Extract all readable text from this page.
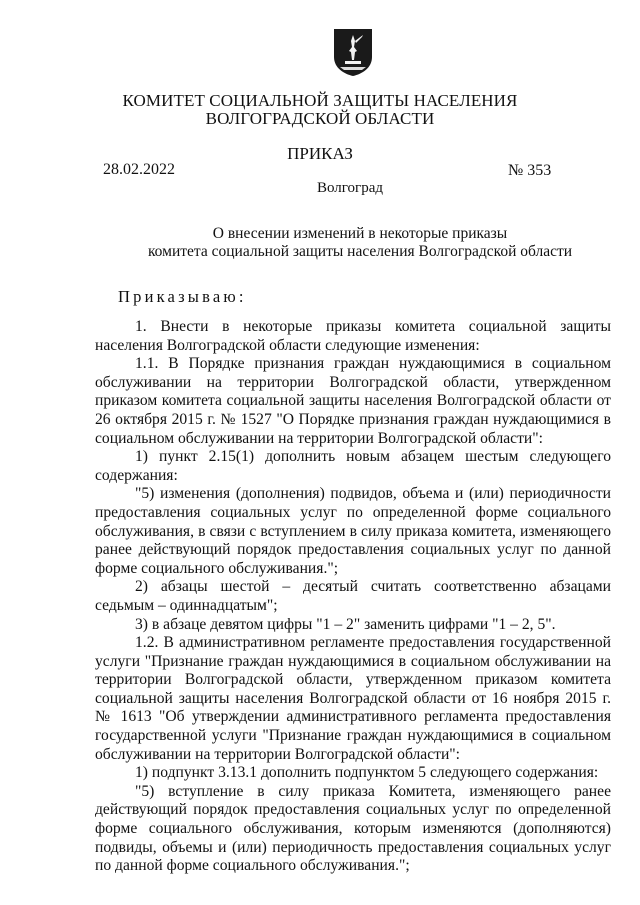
КОМИТЕТ СОЦИАЛЬНОЙ ЗАЩИТЫ НАСЕЛЕНИЯ
ВОЛГОГРАДСКОЙ ОБЛАСТИ
ПРИКАЗ
28.02.2022	№ 353
Волгоград
О внесении изменений в некоторые приказы
комитета социальной защиты населения Волгоградской области
Приказываю:

1. Внести в некоторые приказы комитета социальной защиты населения Волгоградской области следующие изменения:

1.1. В Порядке признания граждан нуждающимися в социальном обслуживании на территории Волгоградской области, утвержденном приказом комитета социальной защиты населения Волгоградской области от 26 октября 2015 г. № 1527 "О Порядке признания граждан нуждающимися в социальном обслуживании на территории Волгоградской области":

1) пункт 2.15(1) дополнить новым абзацем шестым следующего содержания:

"5) изменения (дополнения) подвидов, объема и (или) периодичности предоставления социальных услуг по определенной форме социального обслуживания, в связи с вступлением в силу приказа комитета, изменяющего ранее действующий порядок предоставления социальных услуг по данной форме социального обслуживания.";

2) абзацы шестой – десятый считать соответственно абзацами седьмым – одиннадцатым";

3) в абзаце девятом цифры "1 – 2" заменить цифрами "1 – 2, 5".

1.2. В административном регламенте предоставления государственной услуги "Признание граждан нуждающимися в социальном обслуживании на территории Волгоградской области, утвержденном приказом комитета социальной защиты населения Волгоградской области от 16 ноября 2015 г. № 1613 "Об утверждении административного регламента предоставления государственной услуги "Признание граждан нуждающимися в социальном обслуживании на территории Волгоградской области":

1) подпункт 3.13.1 дополнить подпунктом 5 следующего содержания:

"5) вступление в силу приказа Комитета, изменяющего ранее действующий порядок предоставления социальных услуг по определенной форме социального обслуживания, которым изменяются (дополняются) подвиды, объемы и (или) периодичность предоставления социальных услуг по данной форме социального обслуживания.";
